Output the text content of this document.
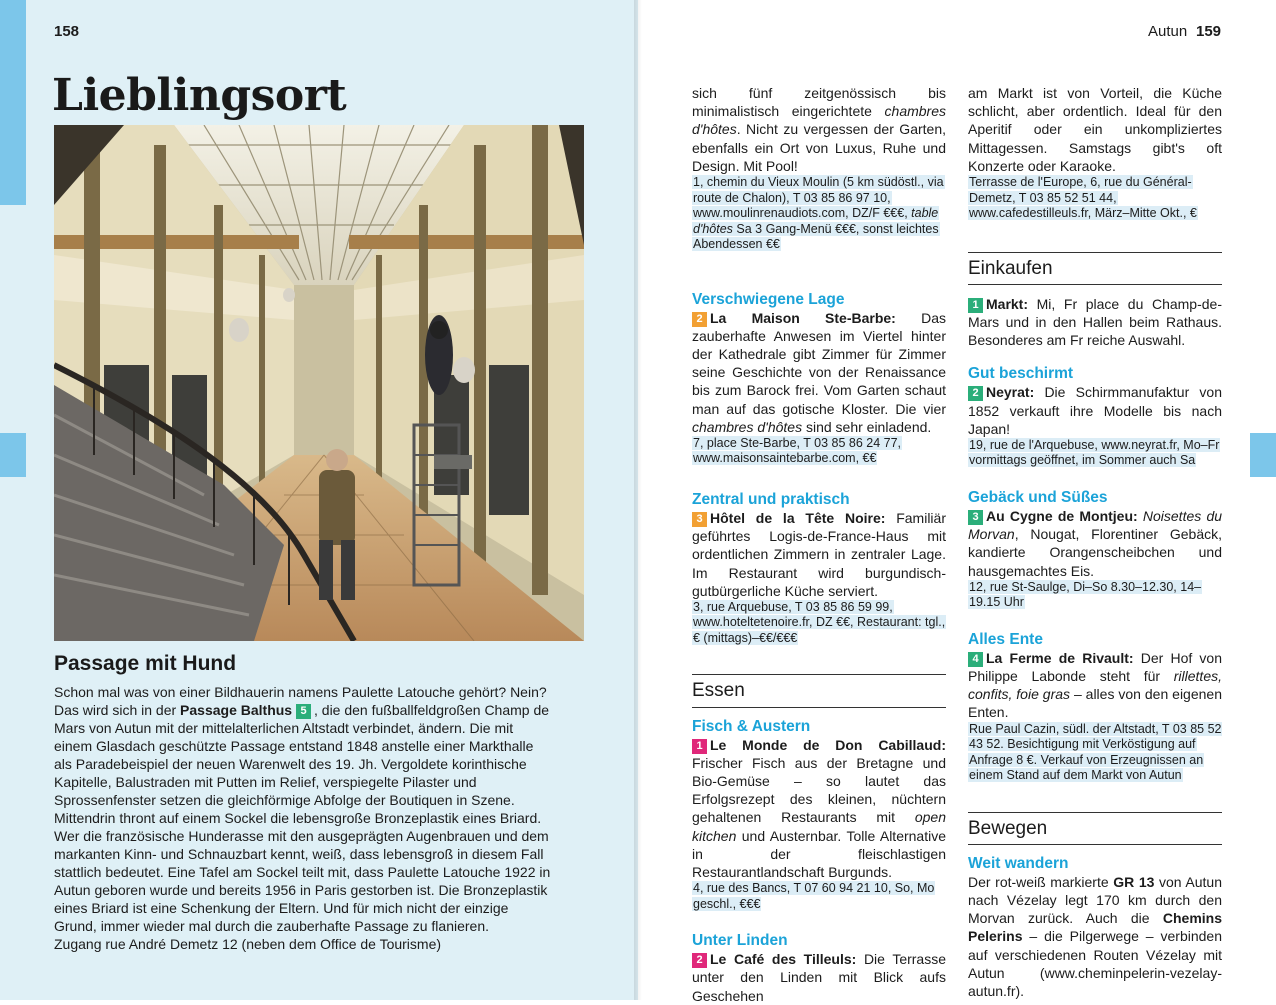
158
Lieblingsort
Passage mit Hund

Schon mal was von einer Bildhauerin namens Paulette Latouche gehört? Nein? Das wird sich in der Passage Balthus 5 , die den fußballfeldgroßen Champ de Mars von Autun mit der mittelalterlichen Altstadt verbindet, ändern. Die mit einem Glasdach geschützte Passage entstand 1848 anstelle einer Markthalle als Paradebeispiel der neuen Warenwelt des 19. Jh. Vergoldete korinthische Kapitelle, Balustraden mit Putten im Relief, verspiegelte Pilaster und Sprossenfenster setzen die gleichförmige Abfolge der Boutiquen in Szene. Mittendrin thront auf einem Sockel die lebensgroße Bronzeplastik eines Briard. Wer die französische Hunderasse mit den ausgeprägten Augenbrauen und dem markanten Kinn- und Schnauzbart kennt, weiß, dass lebensgroß in diesem Fall stattlich bedeutet. Eine Tafel am Sockel teilt mit, dass Paulette Latouche 1922 in Autun geboren wurde und bereits 1956 in Paris gestorben ist. Die Bronzeplastik eines Briard ist eine Schenkung der Eltern. Und für mich nicht der einzige Grund, immer wieder mal durch die zauberhafte Passage zu flanieren.

Zugang rue André Demetz 12 (neben dem Office de Tourisme)

Autun 159

sich fünf zeitgenössisch bis minimalistisch eingerichtete chambres d'hôtes. Nicht zu vergessen der Garten, ebenfalls ein Ort von Luxus, Ruhe und Design. Mit Pool!

1, chemin du Vieux Moulin (5 km südöstl., via route de Chalon), T 03 85 86 97 10, www.moulinrenaudiots.com, DZ/F €€€, table d'hôtes Sa 3 Gang-Menü €€€, sonst leichtes Abendessen €€

Verschwiegene Lage

2 La Maison Ste-Barbe: Das zauberhafte Anwesen im Viertel hinter der Kathedrale gibt Zimmer für Zimmer seine Geschichte von der Renaissance bis zum Barock frei. Vom Garten schaut man auf das gotische Kloster. Die vier chambres d'hôtes sind sehr einladend.

7, place Ste-Barbe, T 03 85 86 24 77, www.maisonsaintebarbe.com, €€

Zentral und praktisch

3 Hôtel de la Tête Noire: Familiär geführtes Logis-de-France-Haus mit ordentlichen Zimmern in zentraler Lage. Im Restaurant wird burgundisch-gutbürgerliche Küche serviert.

3, rue Arquebuse, T 03 85 86 59 99, www.hoteltetenoire.fr, DZ €€, Restaurant: tgl., € (mittags)–€€/€€€

Essen

Fisch & Austern

1 Le Monde de Don Cabillaud: Frischer Fisch aus der Bretagne und Bio-Gemüse – so lautet das Erfolgsrezept des kleinen, nüchtern gehaltenen Restaurants mit open kitchen und Austernbar. Tolle Alternative in der fleischlastigen Restaurantlandschaft Burgunds.

4, rue des Bancs, T 07 60 94 21 10, So, Mo geschl., €€€

Unter Linden

2 Le Café des Tilleuls: Die Terrasse unter den Linden mit Blick aufs Geschehen

am Markt ist von Vorteil, die Küche schlicht, aber ordentlich. Ideal für den Aperitif oder ein unkompliziertes Mittagessen. Samstags gibt's oft Konzerte oder Karaoke.

Terrasse de l'Europe, 6, rue du Général-Demetz, T 03 85 52 51 44, www.cafedestilleuls.fr, März–Mitte Okt., €

Einkaufen

1 Markt: Mi, Fr place du Champ-de-Mars und in den Hallen beim Rathaus. Besonderes am Fr reiche Auswahl.

Gut beschirmt

2 Neyrat: Die Schirmmanufaktur von 1852 verkauft ihre Modelle bis nach Japan!

19, rue de l'Arquebuse, www.neyrat.fr, Mo–Fr vormittags geöffnet, im Sommer auch Sa

Gebäck und Süßes

3 Au Cygne de Montjeu: Noisettes du Morvan, Nougat, Florentiner Gebäck, kandierte Orangenscheibchen und hausgemachtes Eis.

12, rue St-Saulge, Di–So 8.30–12.30, 14–19.15 Uhr

Alles Ente

4 La Ferme de Rivault: Der Hof von Philippe Labonde steht für rillettes, confits, foie gras – alles von den eigenen Enten.

Rue Paul Cazin, südl. der Altstadt, T 03 85 52 43 52. Besichtigung mit Verköstigung auf Anfrage 8 €. Verkauf von Erzeugnissen an einem Stand auf dem Markt von Autun

Bewegen

Weit wandern

Der rot-weiß markierte GR 13 von Autun nach Vézelay legt 170 km durch den Morvan zurück. Auch die Chemins Pelerins – die Pilgerwege – verbinden auf verschiedenen Routen Vézelay mit Autun (www.cheminpelerin-vezelay-autun.fr).
